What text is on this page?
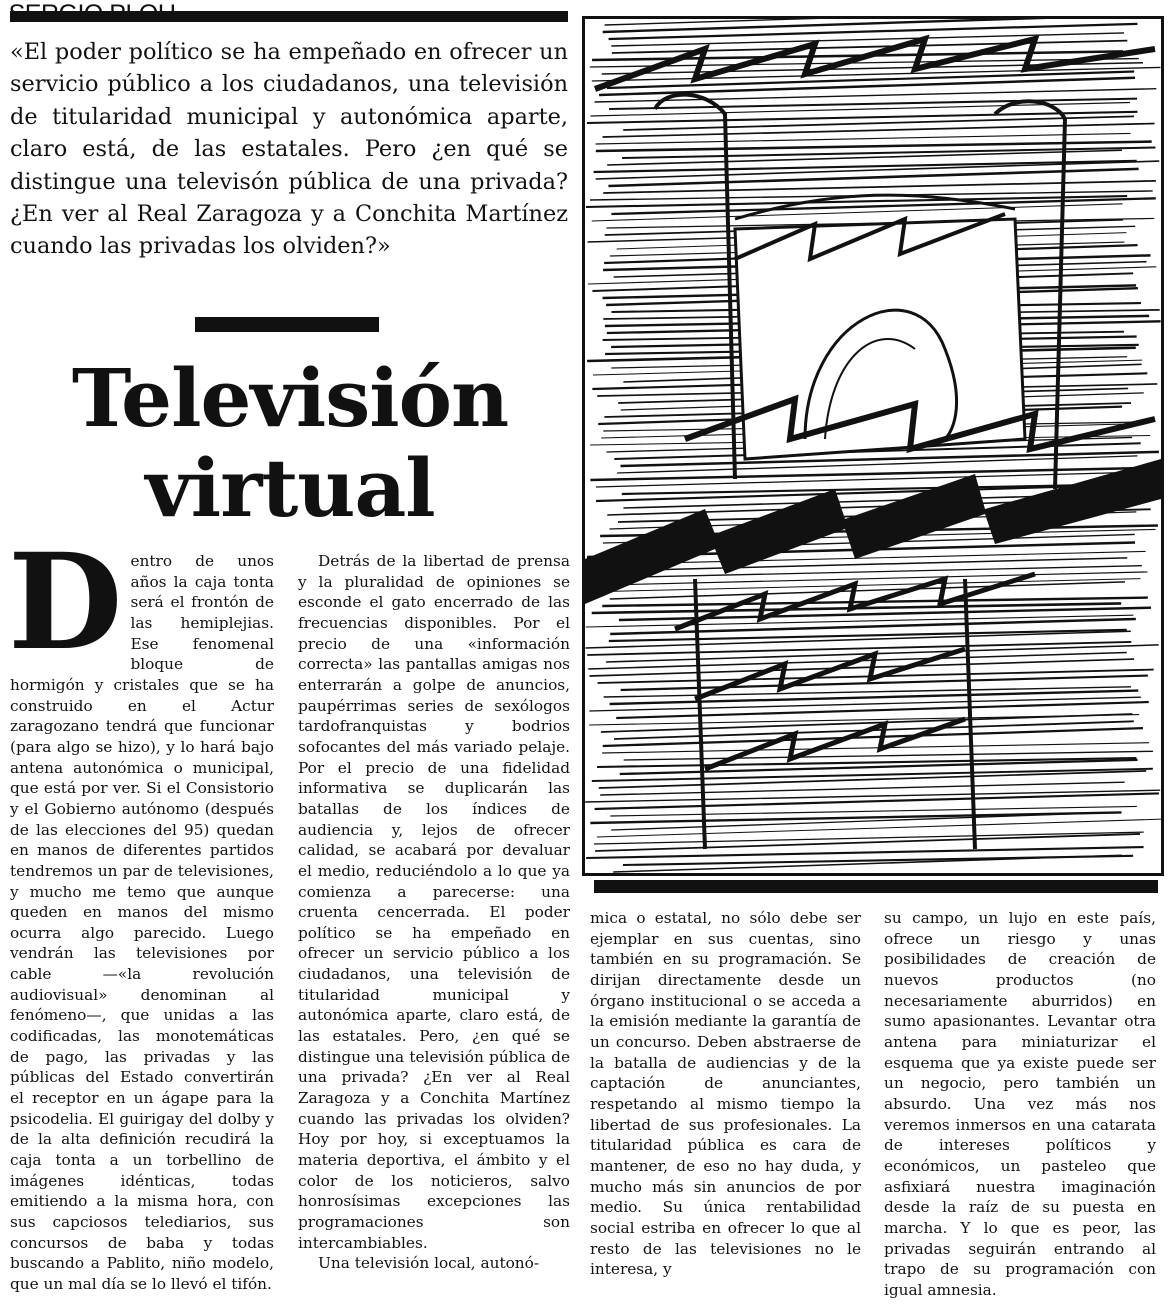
«El poder político se ha empeñado en ofrecer un servicio público a los ciudadanos, una televisión de titularidad municipal y autonómica aparte, claro está, de las estatales. Pero ¿en qué se distingue una televisón pública de una privada? ¿En ver al Real Zaragoza y a Conchita Martínez cuando las privadas los olviden?»
Televisión
virtual
D entro de unos años la caja tonta será el frontón de las hemiplejias. Ese fenomenal bloque de hormigón y cristales que se ha construido en el Actur zaragozano tendrá que funcionar (para algo se hizo), y lo hará bajo antena autonómica o municipal, que está por ver. Si el Consistorio y el Gobierno autónomo (después de las elecciones del 95) quedan en manos de diferentes partidos tendremos un par de televisiones, y mucho me temo que aunque queden en manos del mismo ocurra algo parecido. Luego vendrán las televisiones por cable —«la revolución audiovisual» denominan al fenómeno—, que unidas a las codificadas, las monotemáticas de pago, las privadas y las públicas del Estado convertirán el receptor en un ágape para la psicodelia. El guirigay del dolby y de la alta definición recudirá la caja tonta a un torbellino de imágenes idénticas, todas emitiendo a la misma hora, con sus capciosos telediarios, sus concursos de baba y todas buscando a Pablito, niño modelo, que un mal día se lo llevó el tifón.

Detrás de la libertad de prensa y la pluralidad de opiniones se esconde el gato encerrado de las frecuencias disponibles. Por el precio de una «información correcta» las pantallas amigas nos enterrarán a golpe de anuncios, paupérrimas series de sexólogos tardofranquistas y bodrios sofocantes del más variado pelaje. Por el precio de una fidelidad informativa se duplicarán las batallas de los índices de audiencia y, lejos de ofrecer calidad, se acabará por devaluar el medio, reduciéndolo a lo que ya comienza a parecerse: una cruenta cencerrada. El poder político se ha empeñado en ofrecer un servicio público a los ciudadanos, una televisión de titularidad municipal y autonómica aparte, claro está, de las estatales. Pero, ¿en qué se distingue una televisión pública de una privada? ¿En ver al Real Zaragoza y a Conchita Martínez cuando las privadas los olviden? Hoy por hoy, si exceptuamos la materia deportiva, el ámbito y el color de los noticieros, salvo honrosísimas excepciones las programaciones son intercambiables.

Una televisión local, autonó-

mica o estatal, no sólo debe ser ejemplar en sus cuentas, sino también en su programación. Se dirijan directamente desde un órgano institucional o se acceda a la emisión mediante la garantía de un concurso. Deben abstraerse de la batalla de audiencias y de la captación de anunciantes, respetando al mismo tiempo la libertad de sus profesionales. La titularidad pública es cara de mantener, de eso no hay duda, y mucho más sin anuncios de por medio. Su única rentabilidad social estriba en ofrecer lo que al resto de las televisiones no le interesa, y

su campo, un lujo en este país, ofrece un riesgo y unas posibilidades de creación de nuevos productos (no necesariamente aburridos) en sumo apasionantes. Levantar otra antena para miniaturizar el esquema que ya existe puede ser un negocio, pero también un absurdo. Una vez más nos veremos inmersos en una catarata de intereses políticos y económicos, un pasteleo que asfixiará nuestra imaginación desde la raíz de su puesta en marcha. Y lo que es peor, las privadas seguirán entrando al trapo de su programación con igual amnesia.
